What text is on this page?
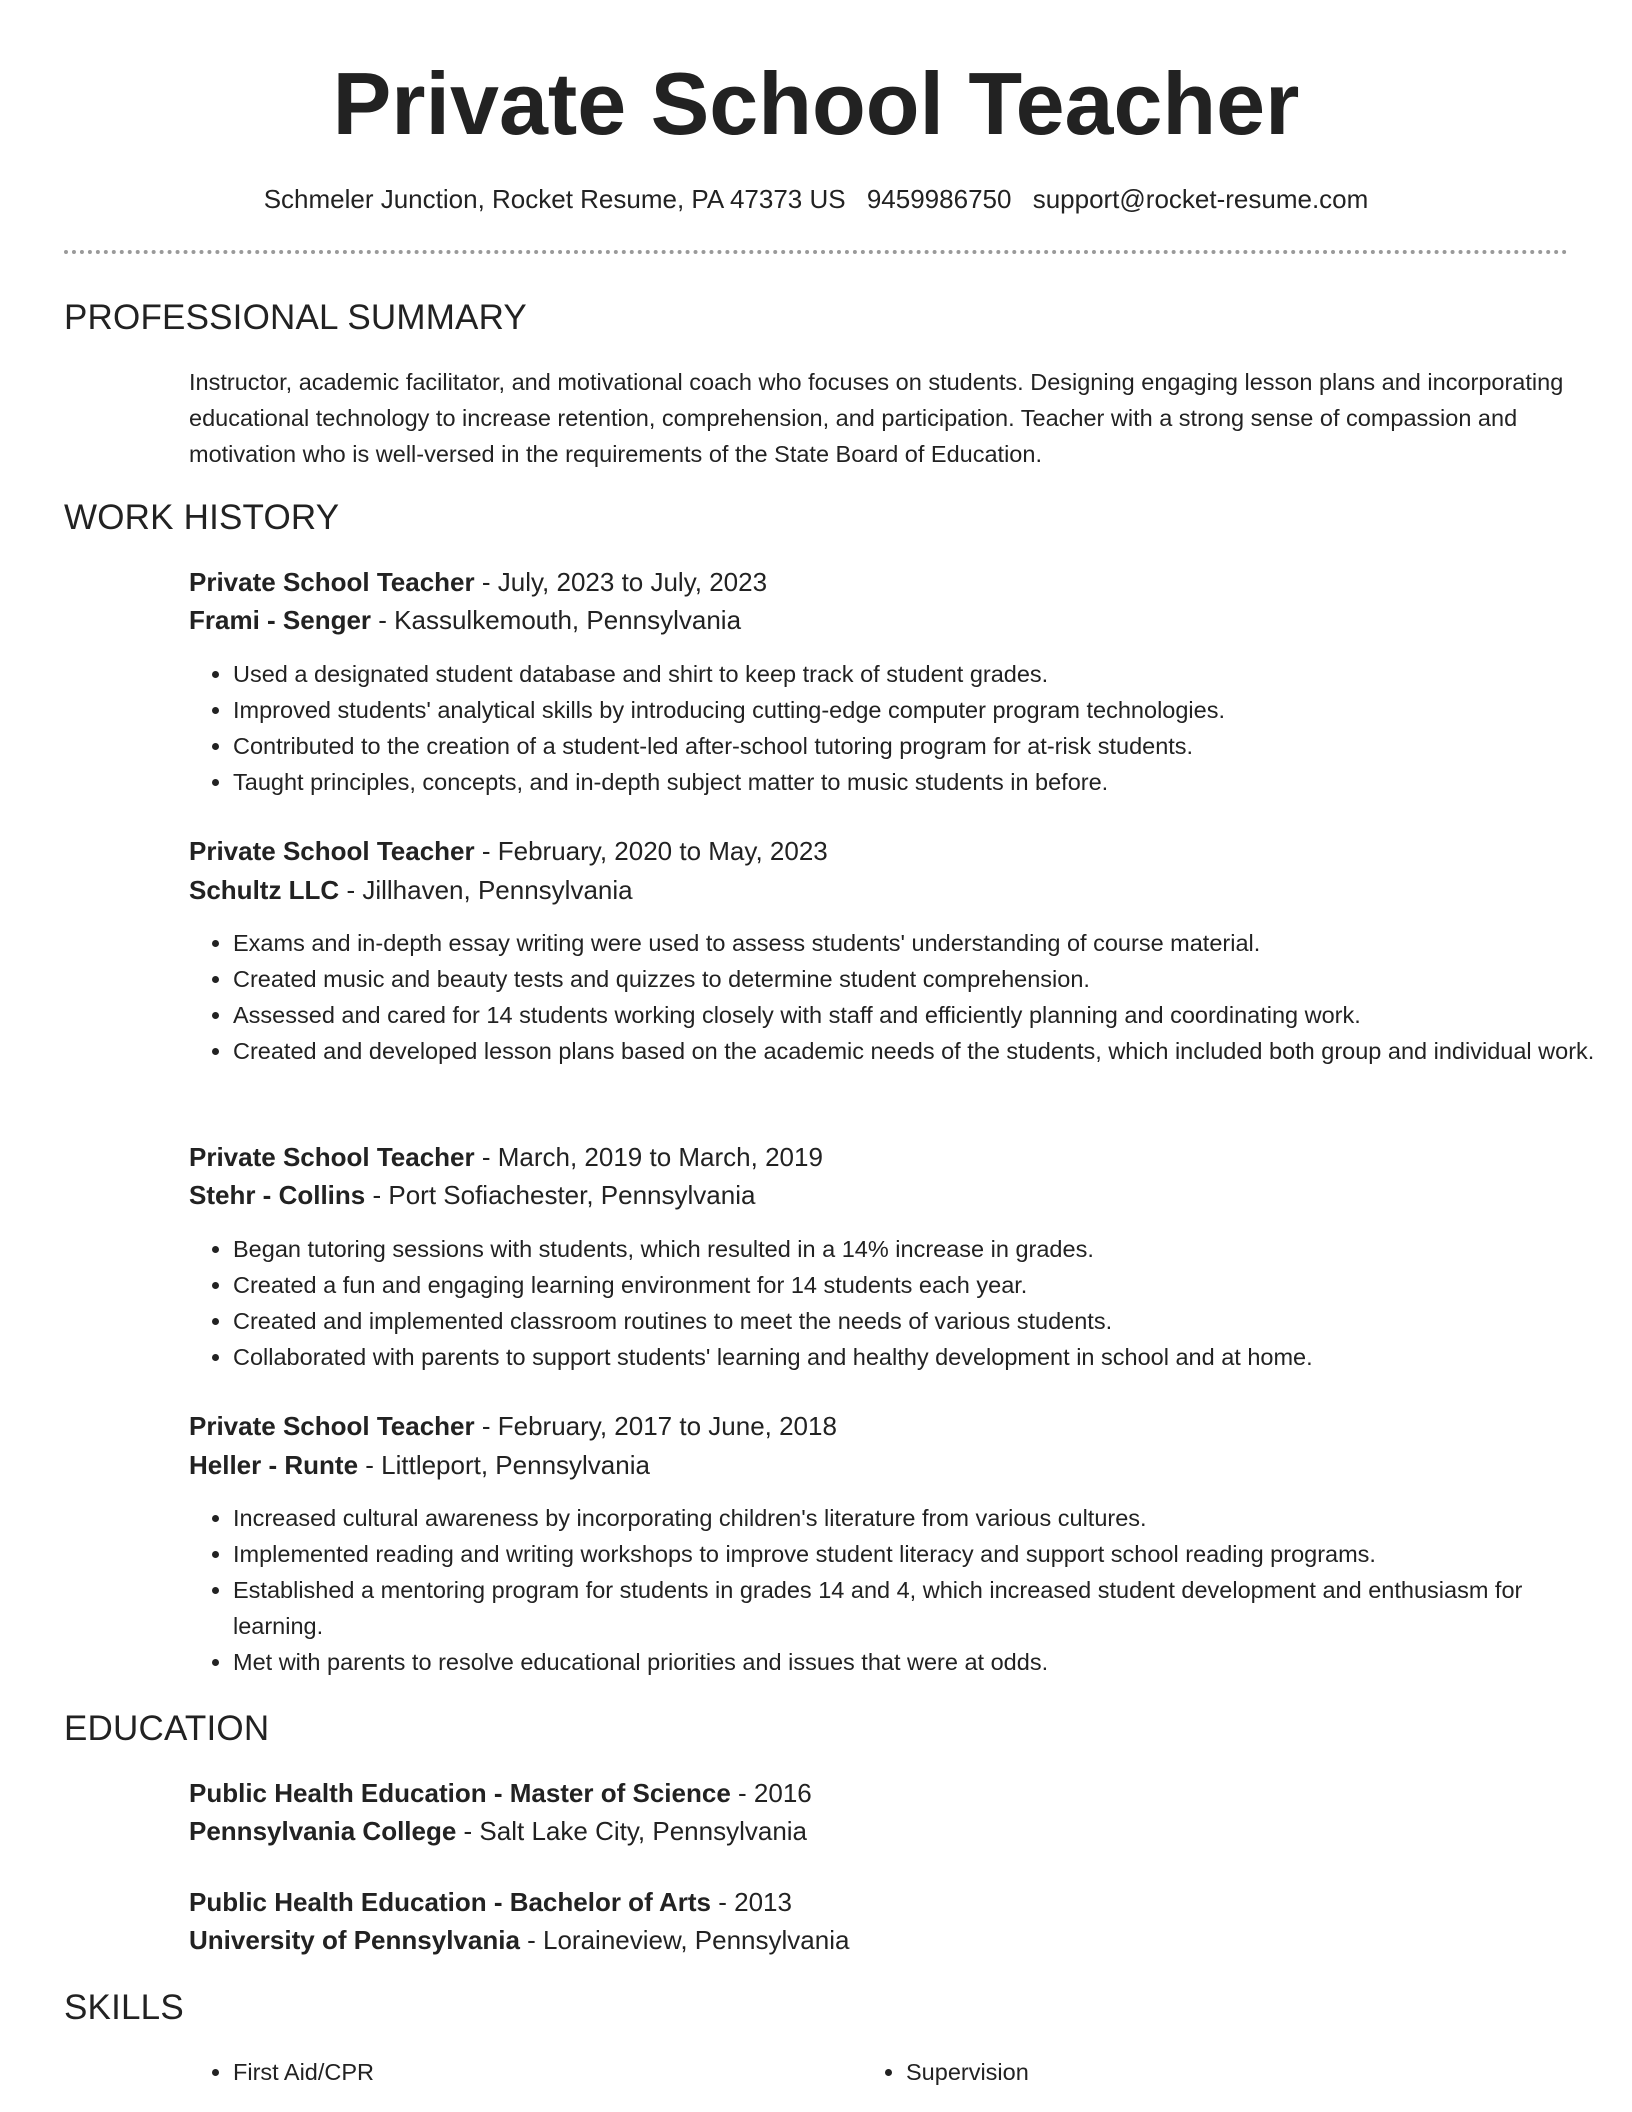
Private School Teacher
Schmeler Junction, Rocket Resume, PA 47373 US 9459986750 support@rocket-resume.com
PROFESSIONAL SUMMARY
Instructor, academic facilitator, and motivational coach who focuses on students. Designing engaging lesson plans and incorporating educational technology to increase retention, comprehension, and participation. Teacher with a strong sense of compassion and motivation who is well-versed in the requirements of the State Board of Education.
WORK HISTORY
Private School Teacher - July, 2023 to July, 2023
Frami - Senger - Kassulkemouth, Pennsylvania
• Used a designated student database and shirt to keep track of student grades.
• Improved students' analytical skills by introducing cutting-edge computer program technologies.
• Contributed to the creation of a student-led after-school tutoring program for at-risk students.
• Taught principles, concepts, and in-depth subject matter to music students in before.
Private School Teacher - February, 2020 to May, 2023
Schultz LLC - Jillhaven, Pennsylvania
• Exams and in-depth essay writing were used to assess students' understanding of course material.
• Created music and beauty tests and quizzes to determine student comprehension.
• Assessed and cared for 14 students working closely with staff and efficiently planning and coordinating work.
• Created and developed lesson plans based on the academic needs of the students, which included both group and individual work.
Private School Teacher - March, 2019 to March, 2019
Stehr - Collins - Port Sofiachester, Pennsylvania
• Began tutoring sessions with students, which resulted in a 14% increase in grades.
• Created a fun and engaging learning environment for 14 students each year.
• Created and implemented classroom routines to meet the needs of various students.
• Collaborated with parents to support students' learning and healthy development in school and at home.
Private School Teacher - February, 2017 to June, 2018
Heller - Runte - Littleport, Pennsylvania
• Increased cultural awareness by incorporating children's literature from various cultures.
• Implemented reading and writing workshops to improve student literacy and support school reading programs.
• Established a mentoring program for students in grades 14 and 4, which increased student development and enthusiasm for learning.
• Met with parents to resolve educational priorities and issues that were at odds.
EDUCATION
Public Health Education - Master of Science - 2016
Pennsylvania College - Salt Lake City, Pennsylvania
Public Health Education - Bachelor of Arts - 2013
University of Pennsylvania - Loraineview, Pennsylvania
SKILLS
• First Aid/CPR
•	Supervision
